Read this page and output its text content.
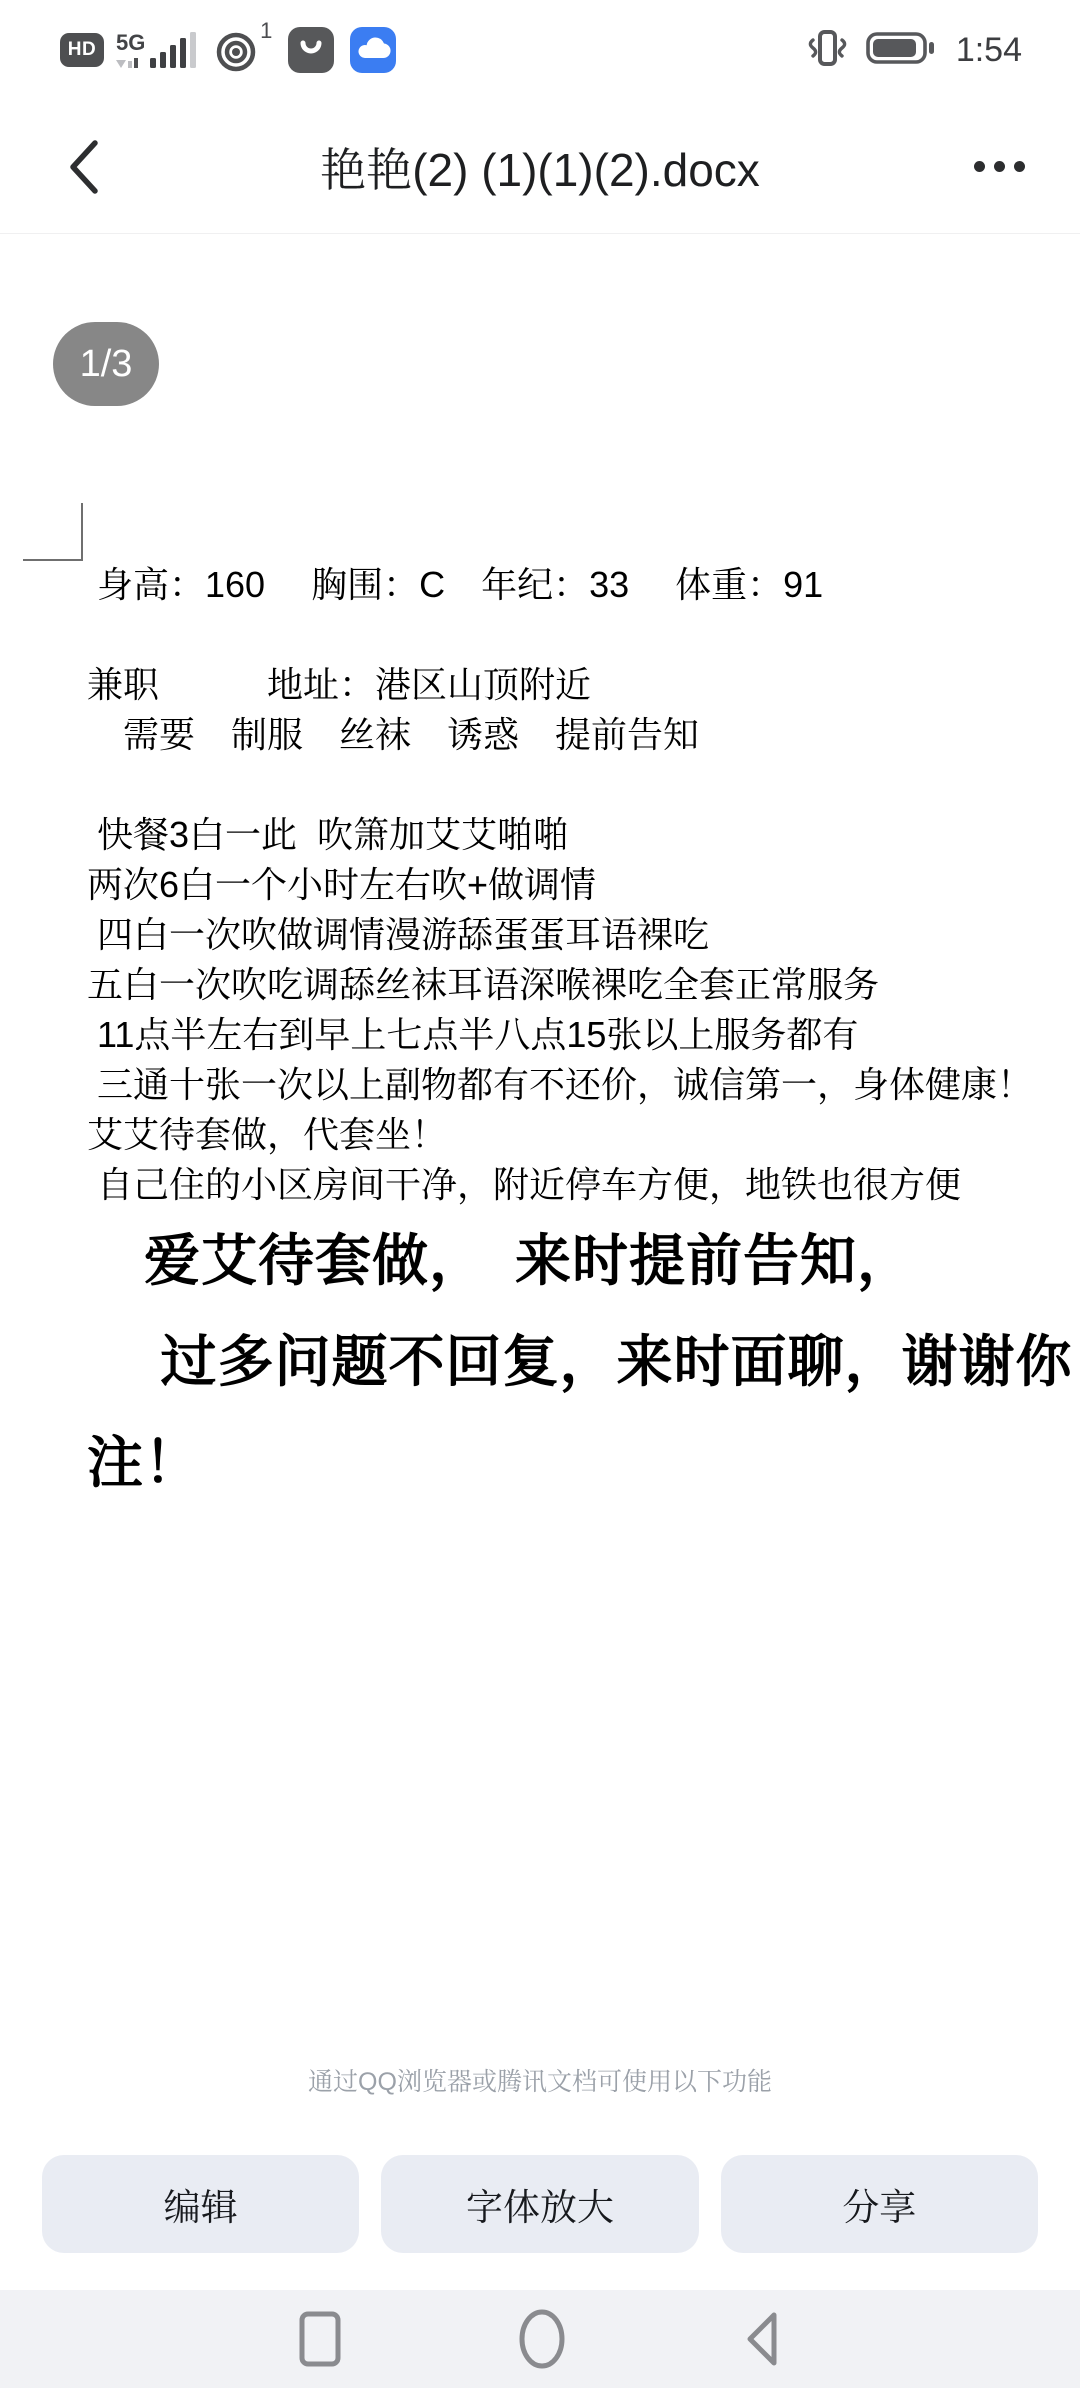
HD 5G	1	1:54
艳艳(2) (1)(1)(2).docx
1/3
身高：160　 胸围：C　年纪：33　 体重：91
兼职　　　地址：港区山顶附近
　需要　制服　丝袜　诱惑　提前告知
快餐3白一此  吹箫加艾艾啪啪
两次6白一个小时左右吹+做调情
四白一次吹做调情漫游舔蛋蛋耳语裸吃
五白一次吹吃调舔丝袜耳语深喉裸吃全套正常服务
11点半左右到早上七点半八点15张以上服务都有
三通十张一次以上副物都有不还价，诚信第一，身体健康！
艾艾待套做，代套坐！
自己住的小区房间干净，附近停车方便，地铁也很方便
　爱艾待套做，　来时提前告知，
　 过多问题不回复，来时面聊，谢谢你
注！
通过QQ浏览器或腾讯文档可使用以下功能
编辑	字体放大	分享
